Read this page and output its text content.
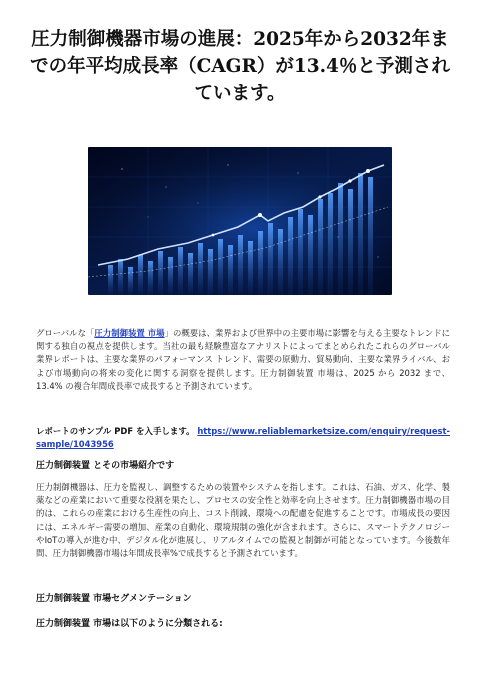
圧力制御機器市場の進展：2025年から2032年までの年平均成長率（CAGR）が13.4％と予測されています。

グローバルな「圧力制御装置 市場」の概要は、業界および世界中の主要市場に影響を与える主要なトレンドに関する独自の視点を提供します。当社の最も経験豊富なアナリストによってまとめられたこれらのグローバル業界レポートは、主要な業界のパフォーマンス トレンド、需要の原動力、貿易動向、主要な業界ライバル、および市場動向の将来の変化に関する洞察を提供します。圧力制御装置 市場は、2025 から 2032 まで、13.4% の複合年間成長率で成長すると予測されています。

レポートのサンプル PDF を入手します。 https://www.reliablemarketsize.com/enquiry/request-sample/1043956

圧力制御装置 とその市場紹介です

圧力制御機器は、圧力を監視し、調整するための装置やシステムを指します。これは、石油、ガス、化学、製薬などの産業において重要な役割を果たし、プロセスの安全性と効率を向上させます。圧力制御機器市場の目的は、これらの産業における生産性の向上、コスト削減、環境への配慮を促進することです。市場成長の要因には、エネルギー需要の増加、産業の自動化、環境規制の強化が含まれます。さらに、スマートテクノロジーやIoTの導入が進む中、デジタル化が進展し、リアルタイムでの監視と制御が可能となっています。今後数年間、圧力制御機器市場は年間成長率%で成長すると予測されています。

圧力制御装置 市場セグメンテーション
圧力制御装置 市場は以下のように分類される:
